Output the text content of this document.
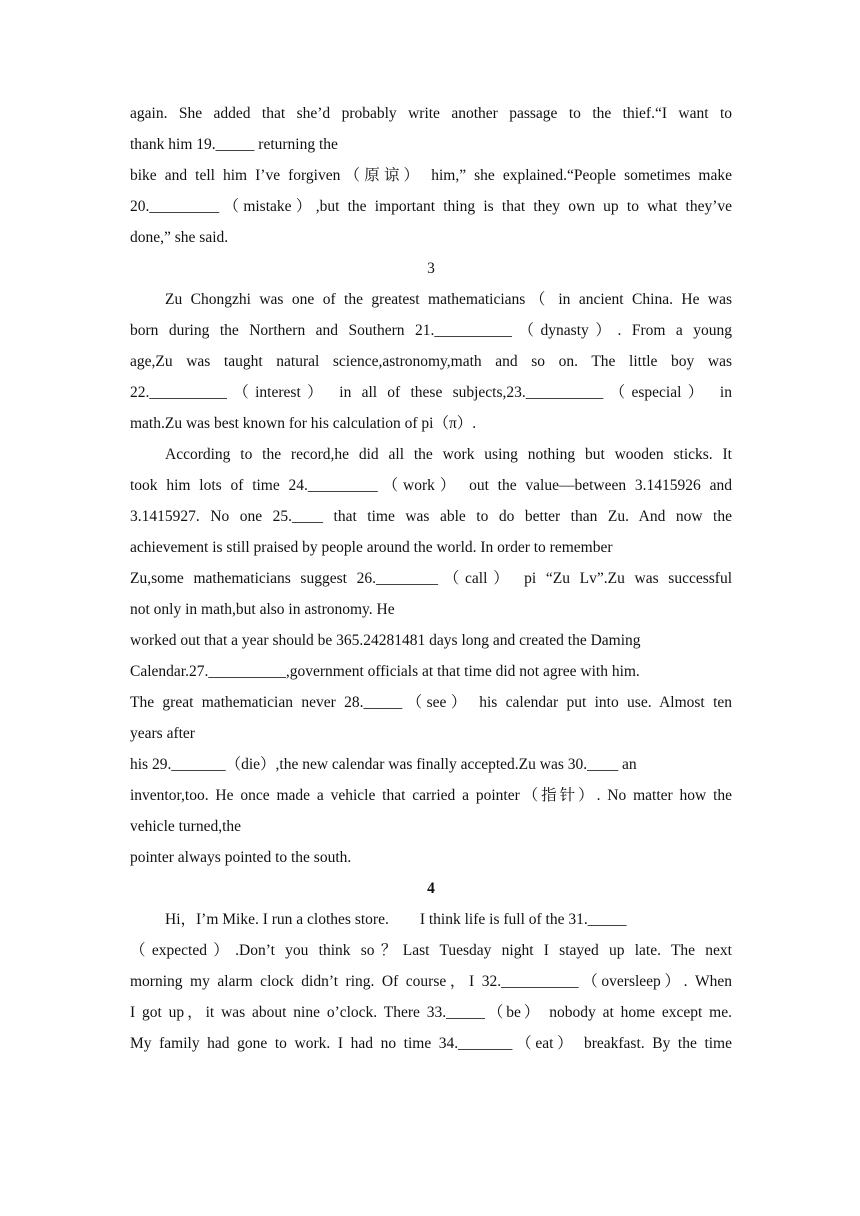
again. She added that she’d probably write another passage to the thief.“I want to
thank him 19._____ returning the
bike and tell him I’ve forgiven（原谅） him,” she explained.“People sometimes make
20._________（mistake）,but the important thing is that they own up to what they’ve
done,” she said.
3
Zu Chongzhi was one of the greatest mathematicians（ in ancient China. He was
born during the Northern and Southern 21.__________（dynasty）. From a young
age,Zu was taught natural science,astronomy,math and so on. The little boy was
22.__________（interest） in all of these subjects,23.__________（especial） in
math.Zu was best known for his calculation of pi（π）.
According to the record,he did all the work using nothing but wooden sticks. It
took him lots of time 24._________（work） out the value—between 3.1415926 and
3.1415927. No one 25.____ that time was able to do better than Zu. And now the
achievement is still praised by people around the world. In order to remember
Zu,some mathematicians suggest 26.________（call） pi “Zu Lv”.Zu was successful
not only in math,but also in astronomy. He
worked out that a year should be 365.24281481 days long and created the Daming
Calendar.27.__________,government officials at that time did not agree with him.
The great mathematician never 28._____（see） his calendar put into use. Almost ten
years after
his 29._______（die）,the new calendar was finally accepted.Zu was 30.____ an
inventor,too. He once made a vehicle that carried a pointer（指针）. No matter how the
vehicle turned,the
pointer always pointed to the south.
4
Hi，I’m Mike. I run a clothes store.　　I think life is full of the 31._____
（expected）.Don’t you think so？Last Tuesday night I stayed up late. The next
morning my alarm clock didn’t ring. Of course，I 32.__________（oversleep）. When
I got up，it was about nine o’clock. There 33._____（be） nobody at home except me.
My family had gone to work. I had no time 34._______（eat） breakfast. By the time
